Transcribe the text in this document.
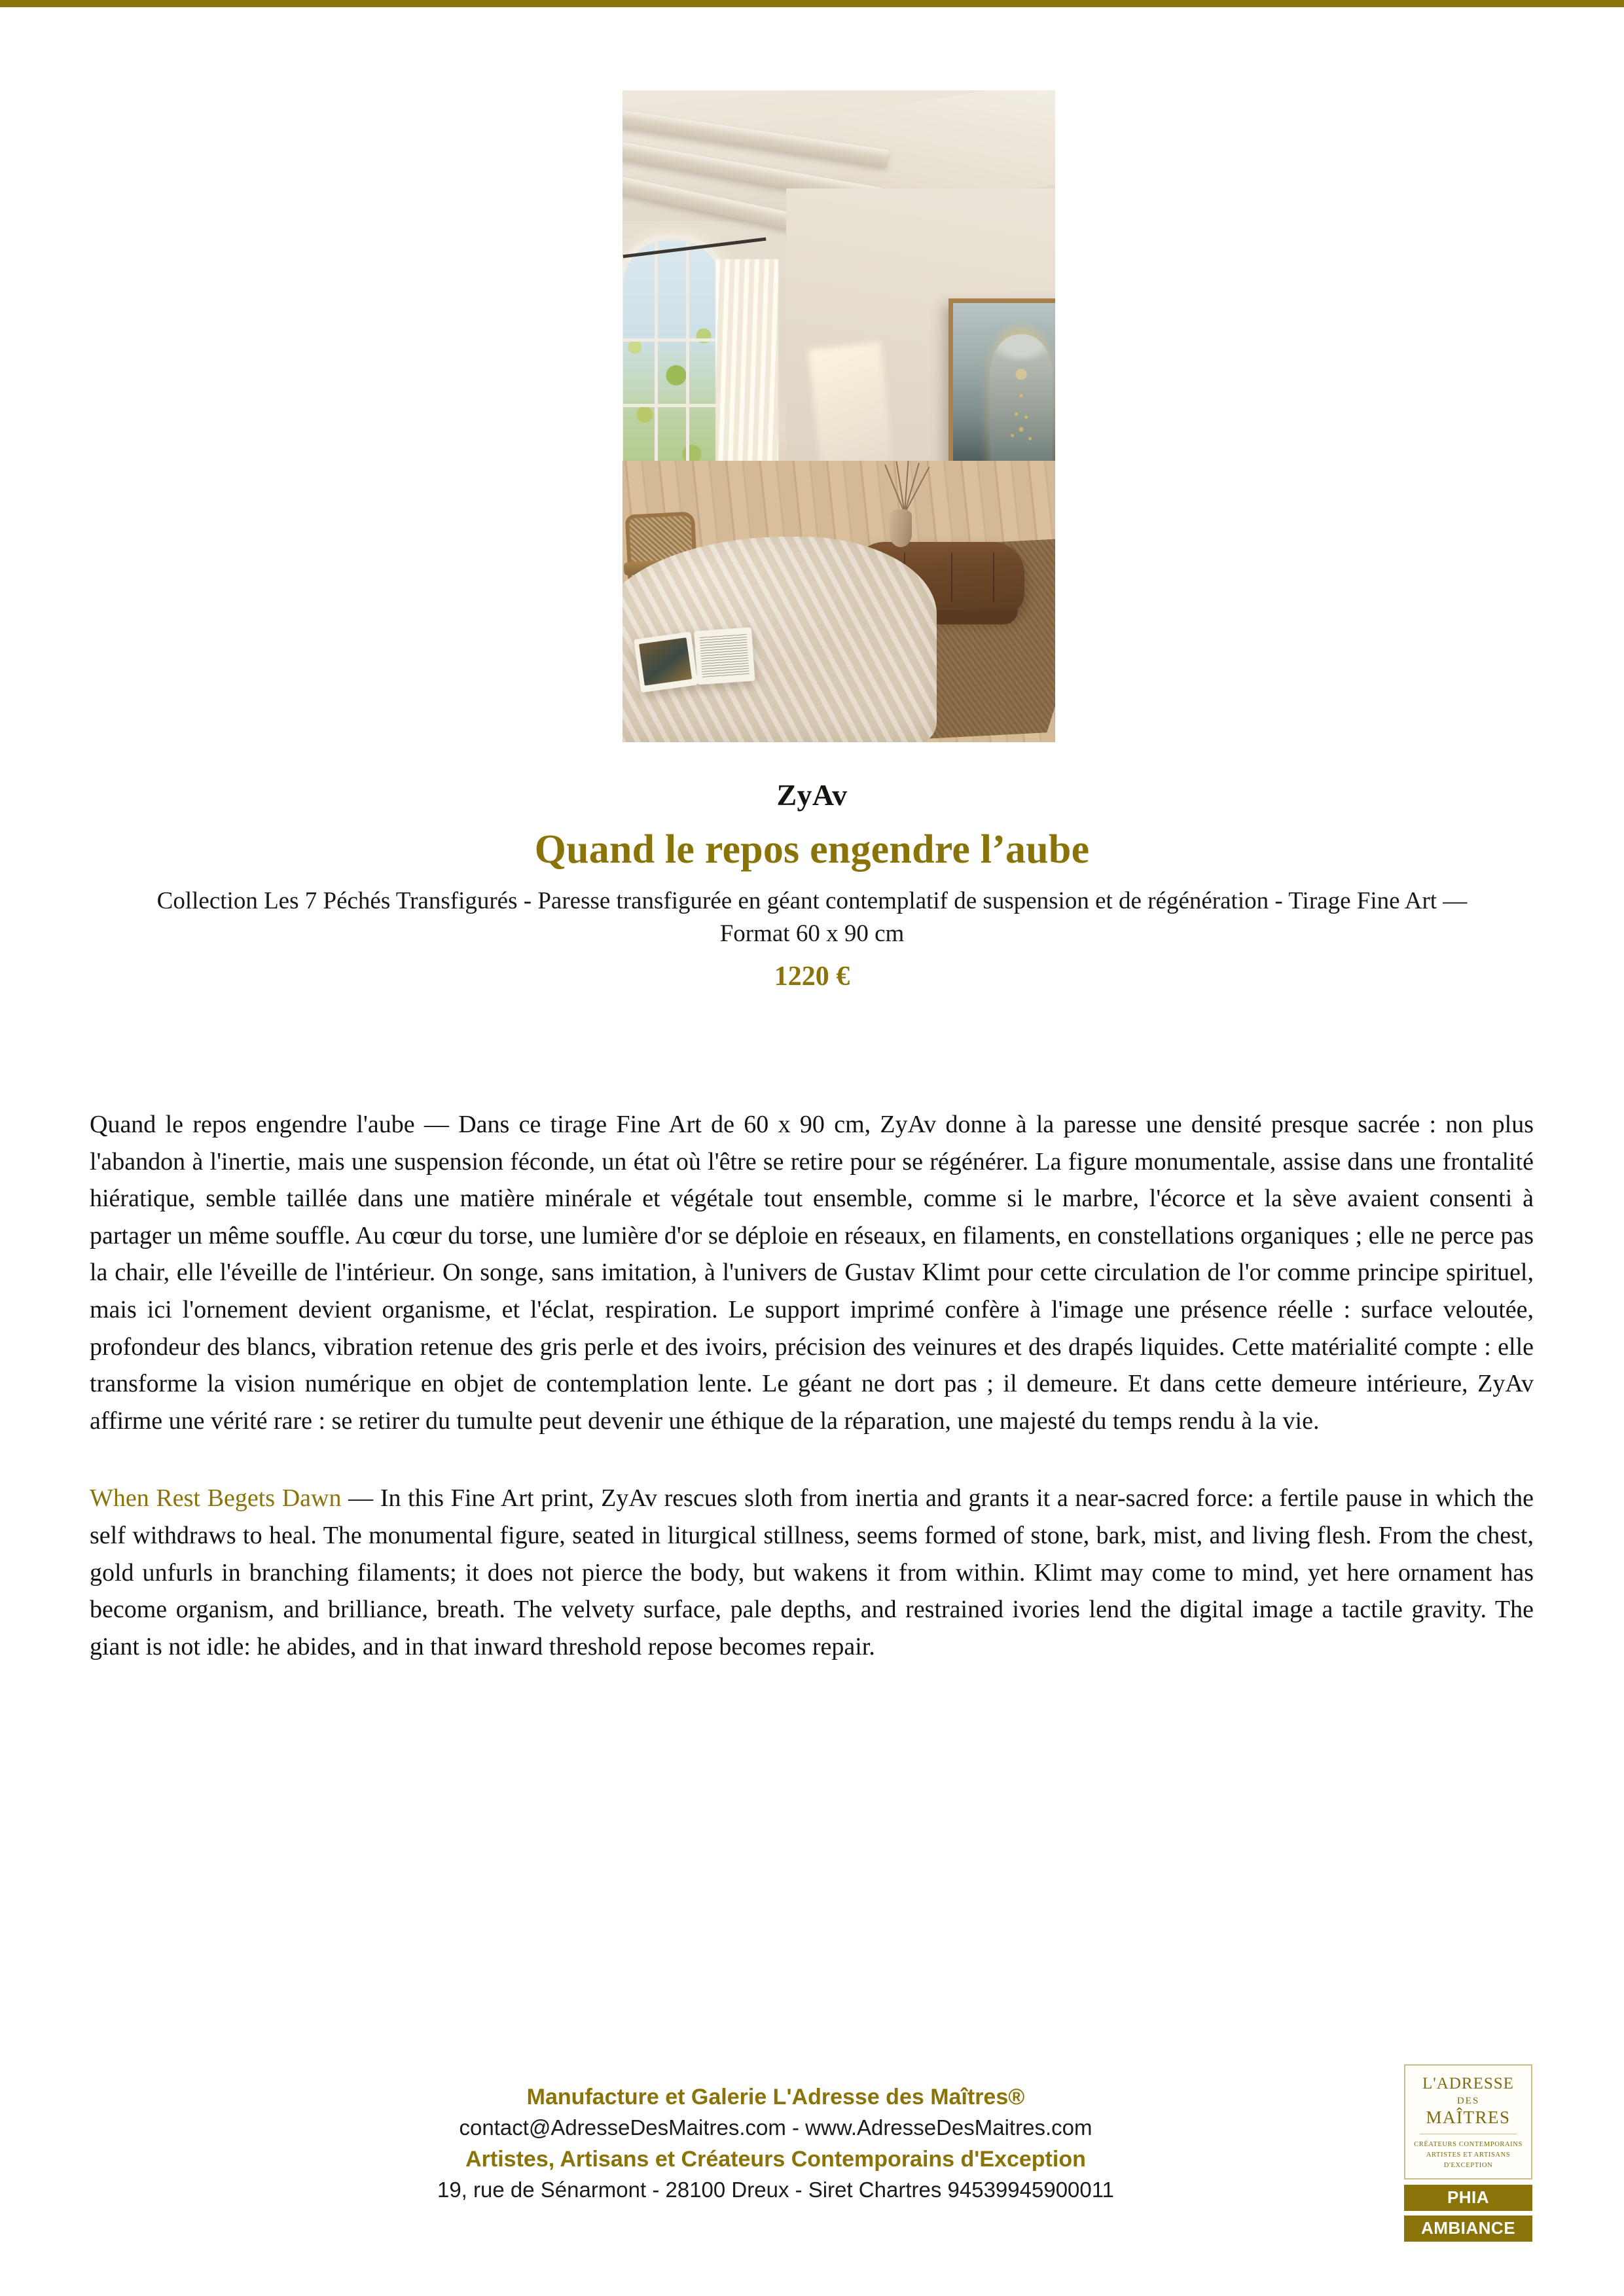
ZyAv
Quand le repos engendre l’aube

Collection Les 7 Péchés Transfigurés - Paresse transfigurée en géant contemplatif de suspension et de régénération - Tirage Fine Art — Format 60 x 90 cm

1220 €

Quand le repos engendre l'aube — Dans ce tirage Fine Art de 60 x 90 cm, ZyAv donne à la paresse une densité presque sacrée : non plus l'abandon à l'inertie, mais une suspension féconde, un état où l'être se retire pour se régénérer. La figure monumentale, assise dans une frontalité hiératique, semble taillée dans une matière minérale et végétale tout ensemble, comme si le marbre, l'écorce et la sève avaient consenti à partager un même souffle. Au cœur du torse, une lumière d'or se déploie en réseaux, en filaments, en constellations organiques ; elle ne perce pas la chair, elle l'éveille de l'intérieur. On songe, sans imitation, à l'univers de Gustav Klimt pour cette circulation de l'or comme principe spirituel, mais ici l'ornement devient organisme, et l'éclat, respiration. Le support imprimé confère à l'image une présence réelle : surface veloutée, profondeur des blancs, vibration retenue des gris perle et des ivoirs, précision des veinures et des drapés liquides. Cette matérialité compte : elle transforme la vision numérique en objet de contemplation lente. Le géant ne dort pas ; il demeure. Et dans cette demeure intérieure, ZyAv affirme une vérité rare : se retirer du tumulte peut devenir une éthique de la réparation, une majesté du temps rendu à la vie.

When Rest Begets Dawn — In this Fine Art print, ZyAv rescues sloth from inertia and grants it a near-sacred force: a fertile pause in which the self withdraws to heal. The monumental figure, seated in liturgical stillness, seems formed of stone, bark, mist, and living flesh. From the chest, gold unfurls in branching filaments; it does not pierce the body, but wakens it from within. Klimt may come to mind, yet here ornament has become organism, and brilliance, breath. The velvety surface, pale depths, and restrained ivories lend the digital image a tactile gravity. The giant is not idle: he abides, and in that inward threshold repose becomes repair.

Manufacture et Galerie L'Adresse des Maîtres®
contact@AdresseDesMaitres.com - www.AdresseDesMaitres.com
Artistes, Artisans et Créateurs Contemporains d'Exception
19, rue de Sénarmont - 28100 Dreux - Siret Chartres 94539945900011
L'ADRESSE
DES
MAÎTRES
CRÉATEURS CONTEMPORAINS
ARTISTES ET ARTISANS
D'EXCEPTION
PHIA
AMBIANCE
